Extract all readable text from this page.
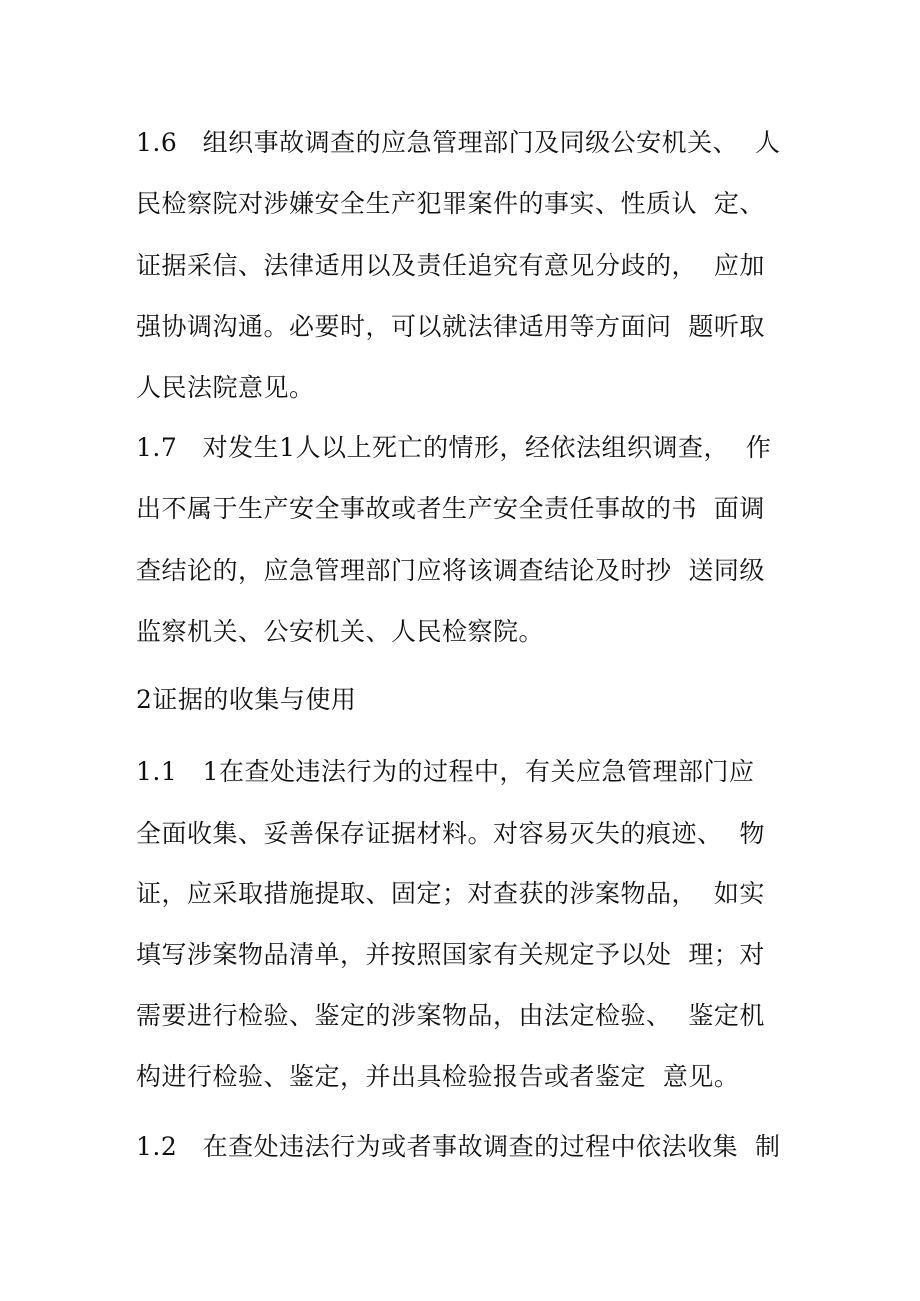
1.6   组织事故调查的应急管理部门及同级公安机关、  人
民检察院对涉嫌安全生产犯罪案件的事实、性质认  定、
证据采信、法律适用以及责任追究有意见分歧的，  应加
强协调沟通。必要时，可以就法律适用等方面问  题听取
人民法院意见。
1.7   对发生1人以上死亡的情形，经依法组织调查，  作
出不属于生产安全事故或者生产安全责任事故的书  面调
查结论的，应急管理部门应将该调查结论及时抄  送同级
监察机关、公安机关、人民检察院。
2证据的收集与使用
1.1   1在查处违法行为的过程中，有关应急管理部门应
全面收集、妥善保存证据材料。对容易灭失的痕迹、  物
证，应采取措施提取、固定；对查获的涉案物品，  如实
填写涉案物品清单，并按照国家有关规定予以处  理；对
需要进行检验、鉴定的涉案物品，由法定检验、  鉴定机
构进行检验、鉴定，并出具检验报告或者鉴定  意见。
1.2   在查处违法行为或者事故调查的过程中依法收集  制
